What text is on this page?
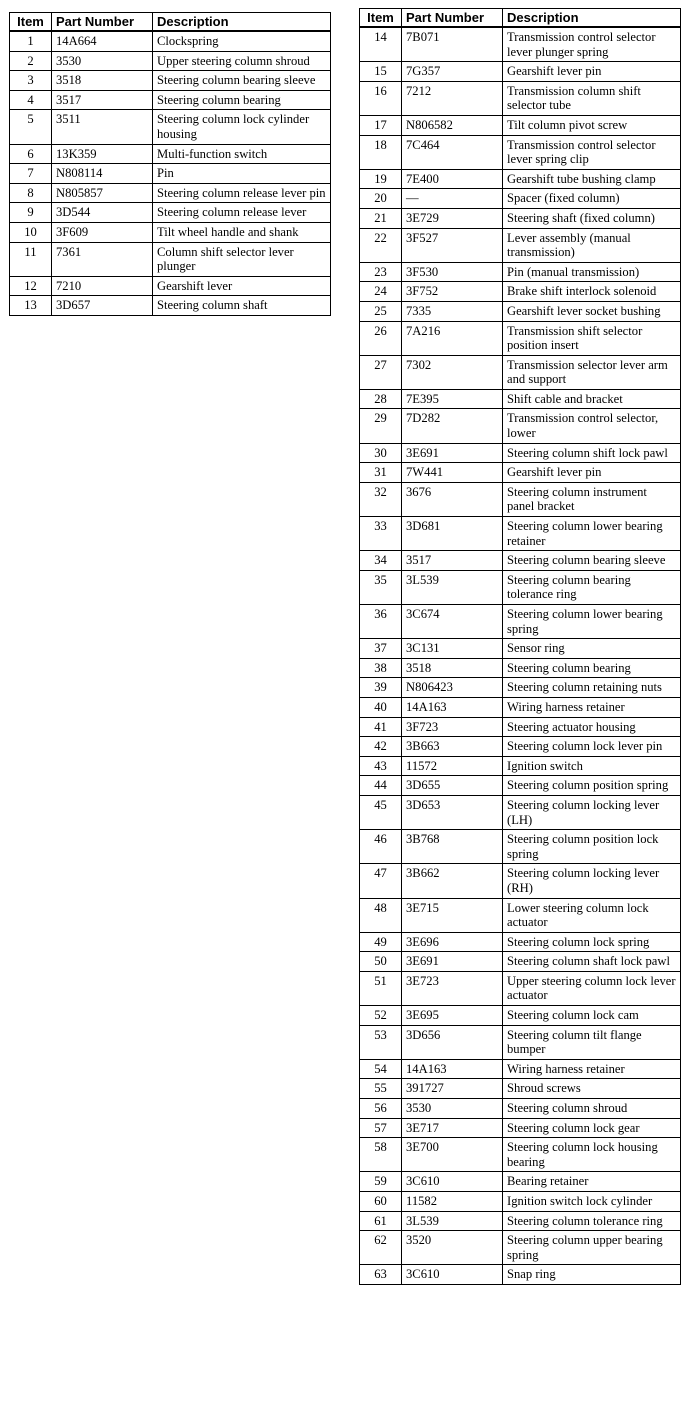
Item	Part Number	Description
1	14A664	Clockspring
2	3530	Upper steering column shroud
3	3518	Steering column bearing sleeve
4	3517	Steering column bearing
5	3511	Steering column lock cylinder housing
6	13K359	Multi-function switch
7	N808114	Pin
8	N805857	Steering column release lever pin
9	3D544	Steering column release lever
10	3F609	Tilt wheel handle and shank
11	7361	Column shift selector lever plunger
12	7210	Gearshift lever
13	3D657	Steering column shaft
Item	Part Number	Description
14	7B071	Transmission control selector lever plunger spring
15	7G357	Gearshift lever pin
16	7212	Transmission column shift selector tube
17	N806582	Tilt column pivot screw
18	7C464	Transmission control selector lever spring clip
19	7E400	Gearshift tube bushing clamp
20	—	Spacer (fixed column)
21	3E729	Steering shaft (fixed column)
22	3F527	Lever assembly (manual transmission)
23	3F530	Pin (manual transmission)
24	3F752	Brake shift interlock solenoid
25	7335	Gearshift lever socket bushing
26	7A216	Transmission shift selector position insert
27	7302	Transmission selector lever arm and support
28	7E395	Shift cable and bracket
29	7D282	Transmission control selector, lower
30	3E691	Steering column shift lock pawl
31	7W441	Gearshift lever pin
32	3676	Steering column instrument panel bracket
33	3D681	Steering column lower bearing retainer
34	3517	Steering column bearing sleeve
35	3L539	Steering column bearing tolerance ring
36	3C674	Steering column lower bearing spring
37	3C131	Sensor ring
38	3518	Steering column bearing
39	N806423	Steering column retaining nuts
40	14A163	Wiring harness retainer
41	3F723	Steering actuator housing
42	3B663	Steering column lock lever pin
43	11572	Ignition switch
44	3D655	Steering column position spring
45	3D653	Steering column locking lever (LH)
46	3B768	Steering column position lock spring
47	3B662	Steering column locking lever (RH)
48	3E715	Lower steering column lock actuator
49	3E696	Steering column lock spring
50	3E691	Steering column shaft lock pawl
51	3E723	Upper steering column lock lever actuator
52	3E695	Steering column lock cam
53	3D656	Steering column tilt flange bumper
54	14A163	Wiring harness retainer
55	391727	Shroud screws
56	3530	Steering column shroud
57	3E717	Steering column lock gear
58	3E700	Steering column lock housing bearing
59	3C610	Bearing retainer
60	11582	Ignition switch lock cylinder
61	3L539	Steering column tolerance ring
62	3520	Steering column upper bearing spring
63	3C610	Snap ring
